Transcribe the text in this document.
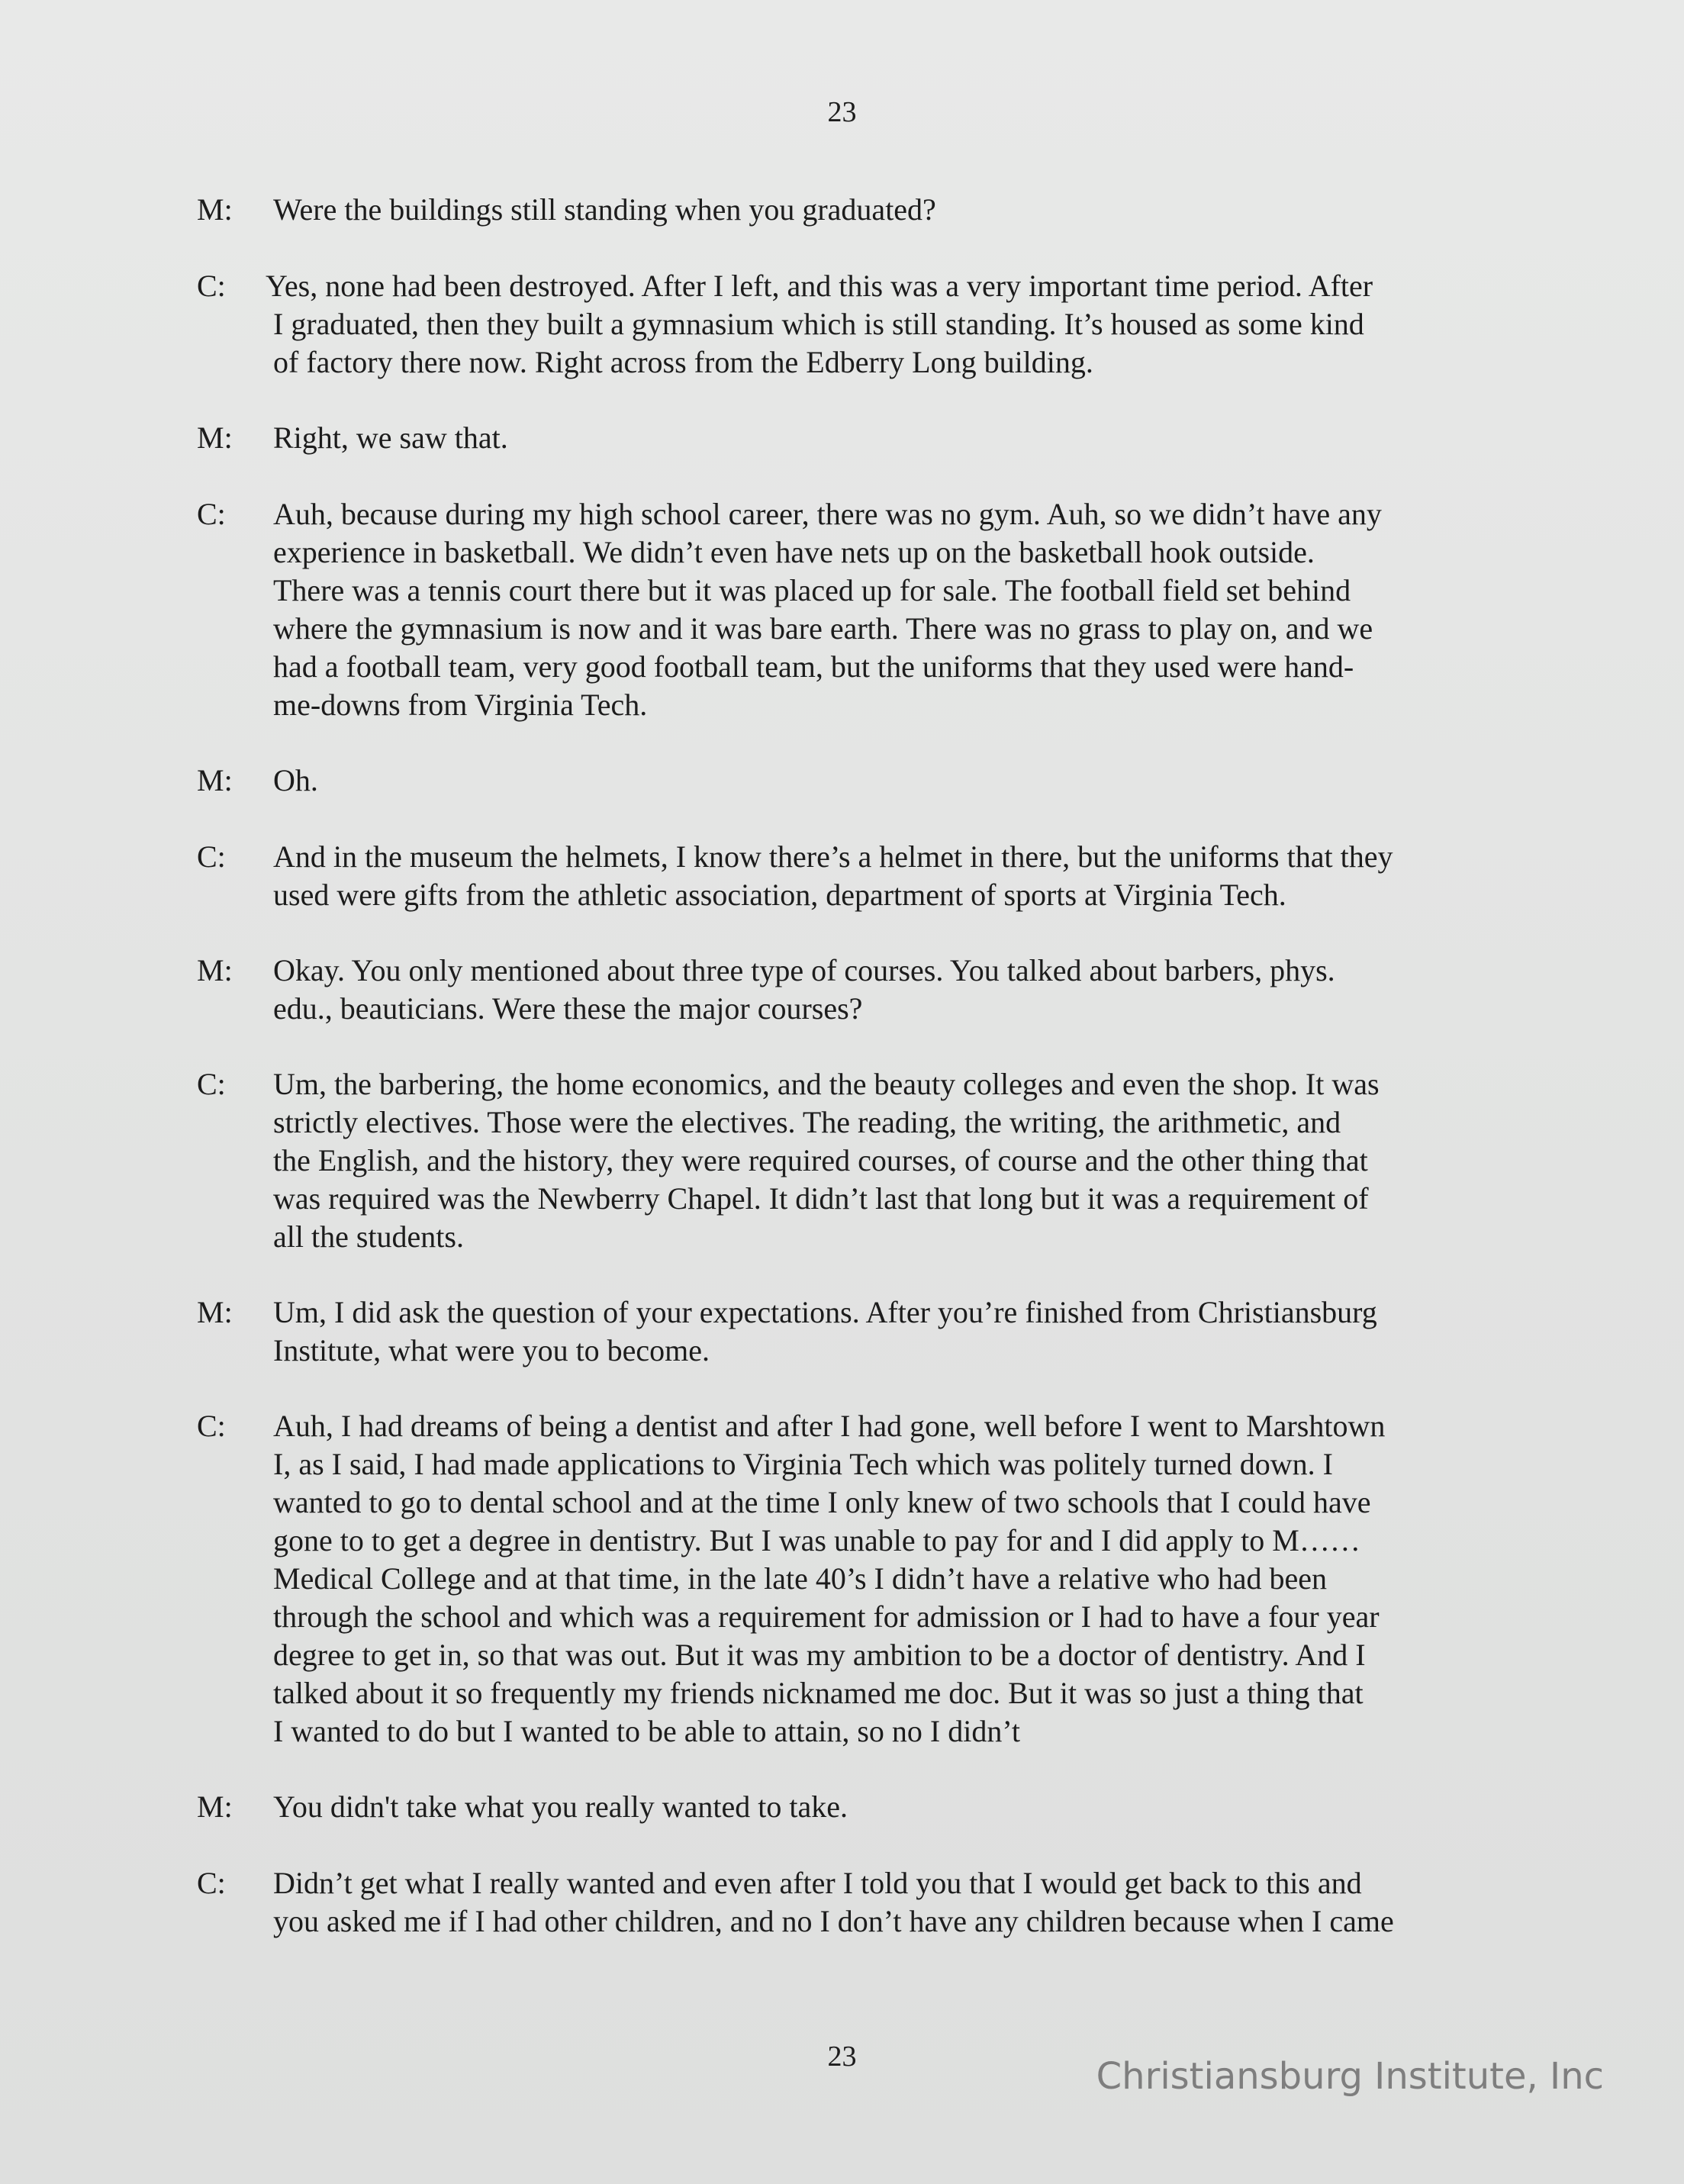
23
M:	Were the buildings still standing when you graduated?
C:	Yes, none had been destroyed. After I left, and this was a very important time period. After
I graduated, then they built a gymnasium which is still standing. It’s housed as some kind
of factory there now. Right across from the Edberry Long building.
M:	Right, we saw that.
C:	Auh, because during my high school career, there was no gym. Auh, so we didn’t have any
experience in basketball. We didn’t even have nets up on the basketball hook outside.
There was a tennis court there but it was placed up for sale. The football field set behind
where the gymnasium is now and it was bare earth. There was no grass to play on, and we
had a football team, very good football team, but the uniforms that they used were hand-
me-downs from Virginia Tech.
M:	Oh.
C:	And in the museum the helmets, I know there’s a helmet in there, but the uniforms that they
used were gifts from the athletic association, department of sports at Virginia Tech.
M:	Okay. You only mentioned about three type of courses. You talked about barbers, phys.
edu., beauticians. Were these the major courses?
C:	Um, the barbering, the home economics, and the beauty colleges and even the shop. It was
strictly electives. Those were the electives. The reading, the writing, the arithmetic, and
the English, and the history, they were required courses, of course and the other thing that
was required was the Newberry Chapel. It didn’t last that long but it was a requirement of
all the students.
M:	Um, I did ask the question of your expectations. After you’re finished from Christiansburg
Institute, what were you to become.
C:	Auh, I had dreams of being a dentist and after I had gone, well before I went to Marshtown
I, as I said, I had made applications to Virginia Tech which was politely turned down. I
wanted to go to dental school and at the time I only knew of two schools that I could have
gone to to get a degree in dentistry. But I was unable to pay for and I did apply to M……
Medical College and at that time, in the late 40’s I didn’t have a relative who had been
through the school and which was a requirement for admission or I had to have a four year
degree to get in, so that was out. But it was my ambition to be a doctor of dentistry. And I
talked about it so frequently my friends nicknamed me doc. But it was so just a thing that
I wanted to do but I wanted to be able to attain, so no I didn’t
M:	You didn't take what you really wanted to take.
C:	Didn’t get what I really wanted and even after I told you that I would get back to this and
you asked me if I had other children, and no I don’t have any children because when I came
23	Christiansburg Institute, Inc
